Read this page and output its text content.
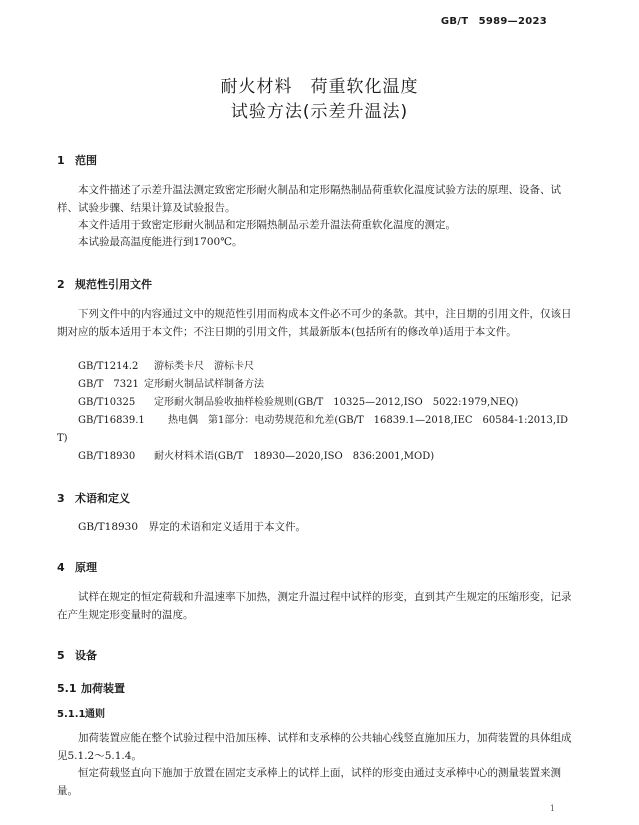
GB/T　5989—2023
耐火材料　荷重软化温度
试验方法(示差升温法)
1 范围

本文件描述了示差升温法测定致密定形耐火制品和定形隔热制品荷重软化温度试验方法的原理、设备、试样、试验步骤、结果计算及试验报告。

本文件适用于致密定形耐火制品和定形隔热制品示差升温法荷重软化温度的测定。

本试验最高温度能进行到1700℃。

2 规范性引用文件

下列文件中的内容通过文中的规范性引用而构成本文件必不可少的条款。其中，注日期的引用文件，仅该日期对应的版本适用于本文件；不注日期的引用文件，其最新版本(包括所有的修改单)适用于本文件。

GB/T1214.2 游标类卡尺　游标卡尺
GB/T　7321 定形耐火制品试样制备方法
GB/T10325 定形耐火制品验收抽样检验规则(GB/T　10325—2012,ISO　5022:1979,NEQ)
GB/T16839.1 热电偶　第1部分：电动势规范和允差(GB/T　16839.1—2018,IEC　60584-1:2013,IDT)
GB/T18930 耐火材料术语(GB/T　18930—2020,ISO　836:2001,MOD)
3 术语和定义

GB/T18930　界定的术语和定义适用于本文件。

4 原理

试样在规定的恒定荷载和升温速率下加热，测定升温过程中试样的形变，直到其产生规定的压缩形变，记录在产生规定形变量时的温度。

5 设备
5.1 加荷装置
5.1.1通则

加荷装置应能在整个试验过程中沿加压棒、试样和支承棒的公共轴心线竖直施加压力，加荷装置的具体组成见5.1.2～5.1.4。

恒定荷载竖直向下施加于放置在固定支承棒上的试样上面，试样的形变由通过支承棒中心的测量装置来测量。

1
